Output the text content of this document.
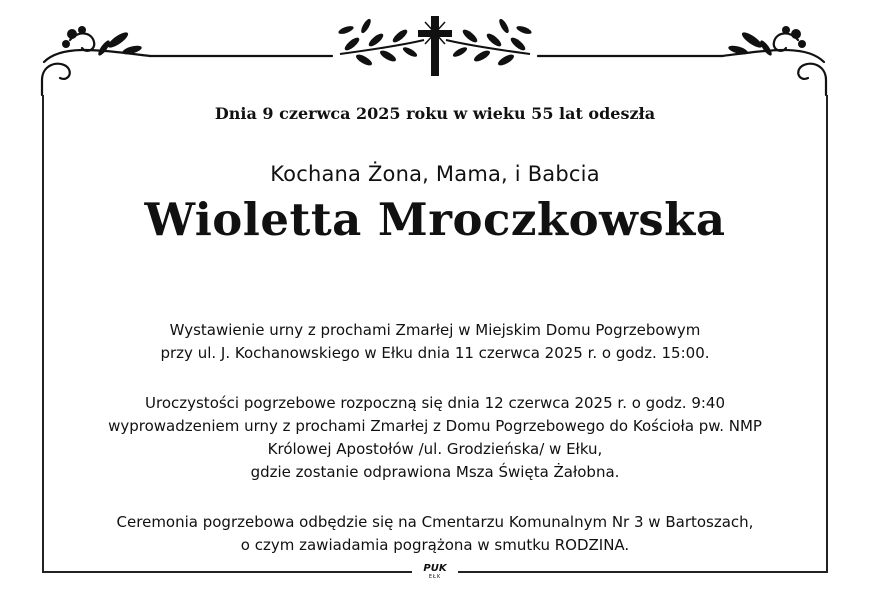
Dnia 9 czerwca 2025 roku w wieku 55 lat odeszła
Kochana Żona, Mama, i Babcia
Wioletta Mroczkowska
Wystawienie urny z prochami Zmarłej w Miejskim Domu Pogrzebowym
przy ul. J. Kochanowskiego w Ełku dnia 11 czerwca 2025 r. o godz. 15:00.
Uroczystości pogrzebowe rozpoczną się dnia 12 czerwca 2025 r. o godz. 9:40
wyprowadzeniem urny z prochami Zmarłej z Domu Pogrzebowego do Kościoła pw. NMP
Królowej Apostołów /ul. Grodzieńska/ w Ełku,
gdzie zostanie odprawiona Msza Święta Żałobna.
Ceremonia pogrzebowa odbędzie się na Cmentarzu Komunalnym Nr 3 w Bartoszach,
o czym zawiadamia pogrążona w smutku RODZINA.
PUK
EŁK
